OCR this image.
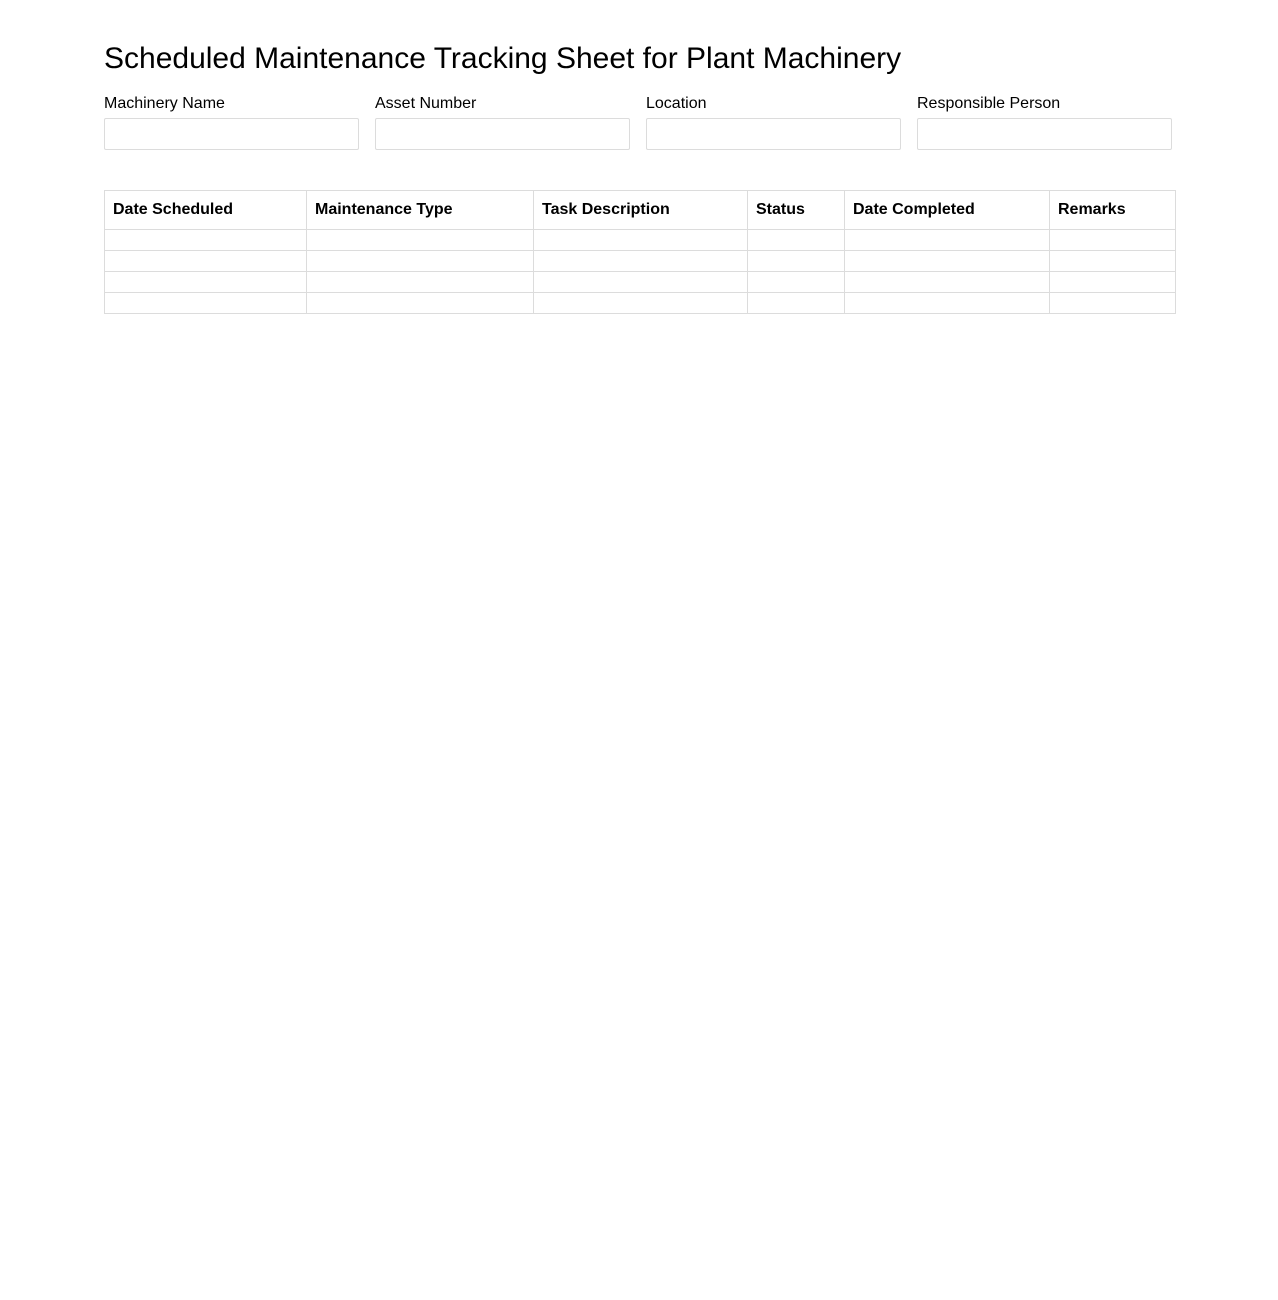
Scheduled Maintenance Tracking Sheet for Plant Machinery
Machinery Name	Asset Number	Location	Responsible Person
Date Scheduled	Maintenance Type	Task Description	Status	Date Completed	Remarks
